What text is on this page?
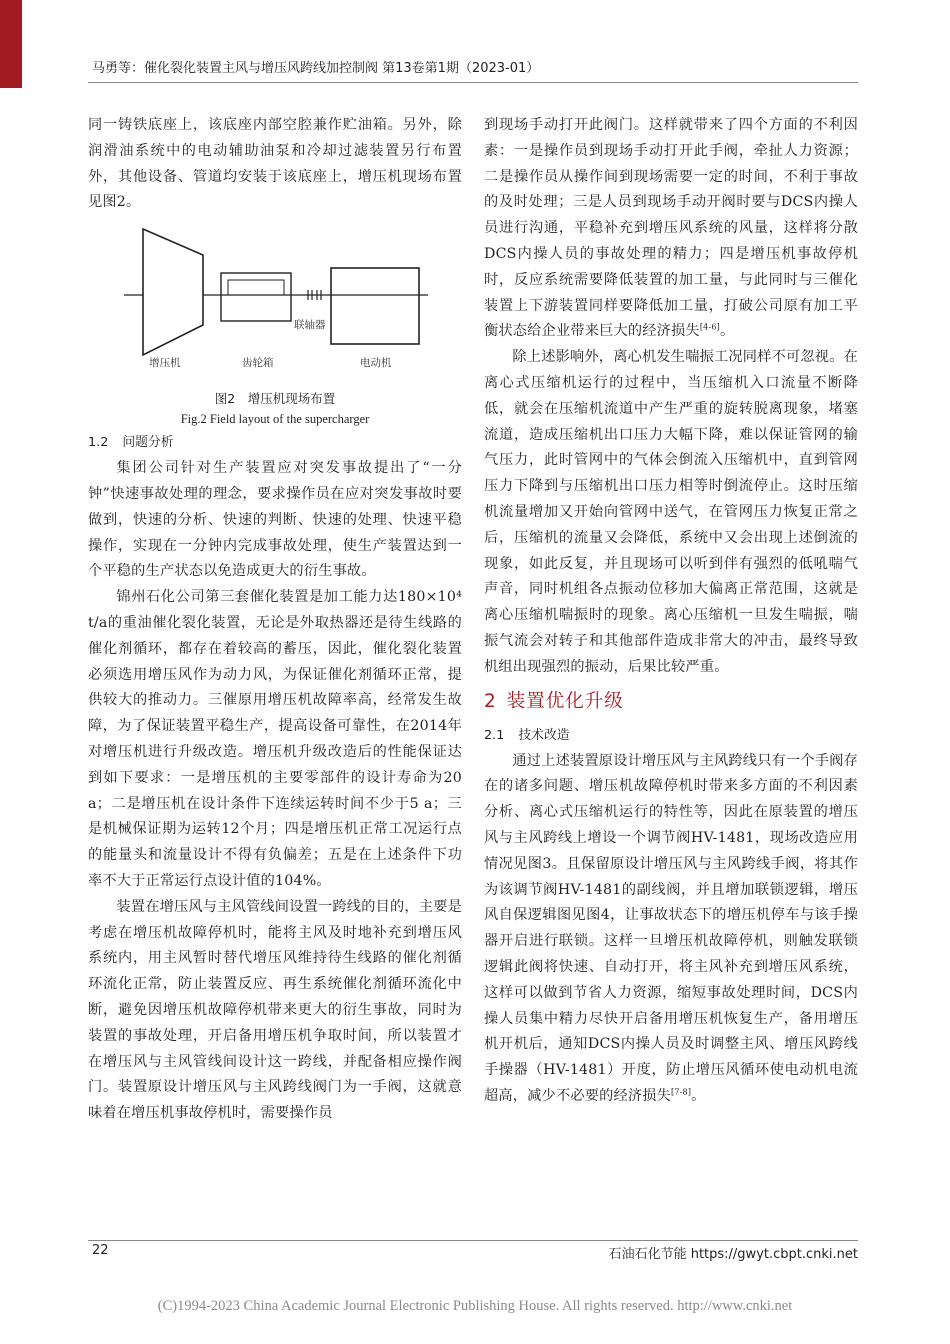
马勇等：催化裂化装置主风与增压风跨线加控制阀 第13卷第1期（2023-01）

同一铸铁底座上，该底座内部空腔兼作贮油箱。另外，除润滑油系统中的电动辅助油泵和冷却过滤装置另行布置外，其他设备、管道均安装于该底座上，增压机现场布置见图2。

增压机	齿轮箱
联轴器
电动机

图2　增压机现场布置

Fig.2 Field layout of the supercharger

1.2 问题分析

集团公司针对生产装置应对突发事故提出了“一分钟”快速事故处理的理念，要求操作员在应对突发事故时要做到，快速的分析、快速的判断、快速的处理、快速平稳操作，实现在一分钟内完成事故处理，使生产装置达到一个平稳的生产状态以免造成更大的衍生事故。

锦州石化公司第三套催化装置是加工能力达180×10⁴ t/a的重油催化裂化装置，无论是外取热器还是待生线路的催化剂循环，都存在着较高的蓄压，因此，催化裂化装置必须选用增压风作为动力风，为保证催化剂循环正常，提供较大的推动力。三催原用增压机故障率高，经常发生故障，为了保证装置平稳生产，提高设备可靠性，在2014年对增压机进行升级改造。增压机升级改造后的性能保证达到如下要求：一是增压机的主要零部件的设计寿命为20 a；二是增压机在设计条件下连续运转时间不少于5 a；三是机械保证期为运转12个月；四是增压机正常工况运行点的能量头和流量设计不得有负偏差；五是在上述条件下功率不大于正常运行点设计值的104%。

装置在增压风与主风管线间设置一跨线的目的，主要是考虑在增压机故障停机时，能将主风及时地补充到增压风系统内，用主风暂时替代增压风维持待生线路的催化剂循环流化正常，防止装置反应、再生系统催化剂循环流化中断，避免因增压机故障停机带来更大的衍生事故，同时为装置的事故处理，开启备用增压机争取时间，所以装置才在增压风与主风管线间设计这一跨线，并配备相应操作阀门。装置原设计增压风与主风跨线阀门为一手阀，这就意味着在增压机事故停机时，需要操作员

到现场手动打开此阀门。这样就带来了四个方面的不利因素：一是操作员到现场手动打开此手阀，牵扯人力资源；二是操作员从操作间到现场需要一定的时间，不利于事故的及时处理；三是人员到现场手动开阀时要与DCS内操人员进行沟通，平稳补充到增压风系统的风量，这样将分散DCS内操人员的事故处理的精力；四是增压机事故停机时，反应系统需要降低装置的加工量，与此同时与三催化装置上下游装置同样要降低加工量，打破公司原有加工平衡状态给企业带来巨大的经济损失[4-6]。

除上述影响外，离心机发生喘振工况同样不可忽视。在离心式压缩机运行的过程中，当压缩机入口流量不断降低，就会在压缩机流道中产生严重的旋转脱离现象，堵塞流道，造成压缩机出口压力大幅下降，难以保证管网的输气压力，此时管网中的气体会倒流入压缩机中，直到管网压力下降到与压缩机出口压力相等时倒流停止。这时压缩机流量增加又开始向管网中送气，在管网压力恢复正常之后，压缩机的流量又会降低，系统中又会出现上述倒流的现象，如此反复，并且现场可以听到伴有强烈的低吼喘气声音，同时机组各点振动位移加大偏离正常范围，这就是离心压缩机喘振时的现象。离心压缩机一旦发生喘振，喘振气流会对转子和其他部件造成非常大的冲击，最终导致机组出现强烈的振动，后果比较严重。

2 装置优化升级
2.1 技术改造

通过上述装置原设计增压风与主风跨线只有一个手阀存在的诸多问题、增压机故障停机时带来多方面的不利因素分析、离心式压缩机运行的特性等，因此在原装置的增压风与主风跨线上增设一个调节阀HV-1481，现场改造应用情况见图3。且保留原设计增压风与主风跨线手阀，将其作为该调节阀HV-1481的副线阀，并且增加联锁逻辑，增压风自保逻辑图见图4，让事故状态下的增压机停车与该手操器开启进行联锁。这样一旦增压机故障停机，则触发联锁逻辑此阀将快速、自动打开，将主风补充到增压风系统，这样可以做到节省人力资源，缩短事故处理时间，DCS内操人员集中精力尽快开启备用增压机恢复生产，备用增压机开机后，通知DCS内操人员及时调整主风、增压风跨线手操器（HV-1481）开度，防止增压风循环使电动机电流超高，减少不必要的经济损失[7-8]。

22	石油石化节能 https://gwyt.cbpt.cnki.net
(C)1994-2023 China Academic Journal Electronic Publishing House. All rights reserved. http://www.cnki.net
